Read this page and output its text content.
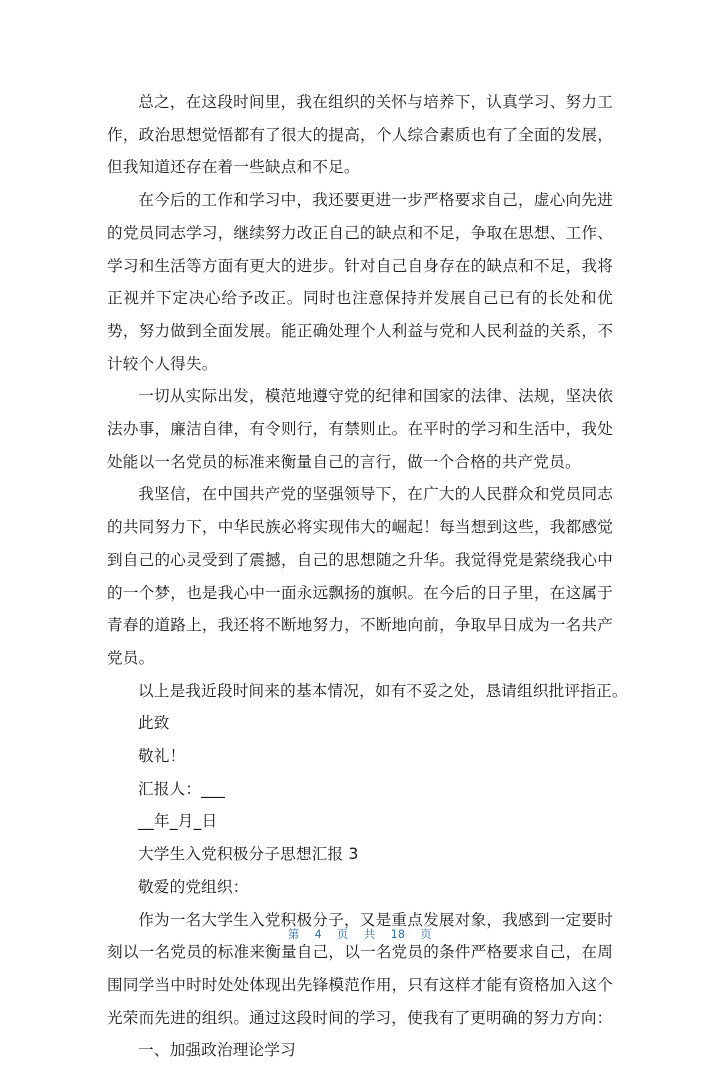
总之，在这段时间里，我在组织的关怀与培养下，认真学习、努力工作，政治思想觉悟都有了很大的提高，个人综合素质也有了全面的发展，但我知道还存在着一些缺点和不足。

在今后的工作和学习中，我还要更进一步严格要求自己，虚心向先进的党员同志学习，继续努力改正自己的缺点和不足，争取在思想、工作、学习和生活等方面有更大的进步。针对自己自身存在的缺点和不足，我将正视并下定决心给予改正。同时也注意保持并发展自己已有的长处和优势，努力做到全面发展。能正确处理个人利益与党和人民利益的关系，不计较个人得失。

一切从实际出发，模范地遵守党的纪律和国家的法律、法规，坚决依法办事，廉洁自律，有令则行，有禁则止。在平时的学习和生活中，我处处能以一名党员的标准来衡量自己的言行，做一个合格的共产党员。

我坚信，在中国共产党的坚强领导下，在广大的人民群众和党员同志的共同努力下，中华民族必将实现伟大的崛起！每当想到这些，我都感觉到自己的心灵受到了震撼，自己的思想随之升华。我觉得党是萦绕我心中的一个梦，也是我心中一面永远飘扬的旗帜。在今后的日子里，在这属于青春的道路上，我还将不断地努力，不断地向前，争取早日成为一名共产党员。

以上是我近段时间来的基本情况，如有不妥之处，恳请组织批评指正。

此致

敬礼！

汇报人：___

__年_月_日

大学生入党积极分子思想汇报 3

敬爱的党组织：

作为一名大学生入党积极分子，又是重点发展对象，我感到一定要时刻以一名党员的标准来衡量自己，以一名党员的条件严格要求自己，在周围同学当中时时处处体现出先锋模范作用，只有这样才能有资格加入这个光荣而先进的组织。通过这段时间的学习，使我有了更明确的努力方向：

一、加强政治理论学习

第  4  页  共  18  页
